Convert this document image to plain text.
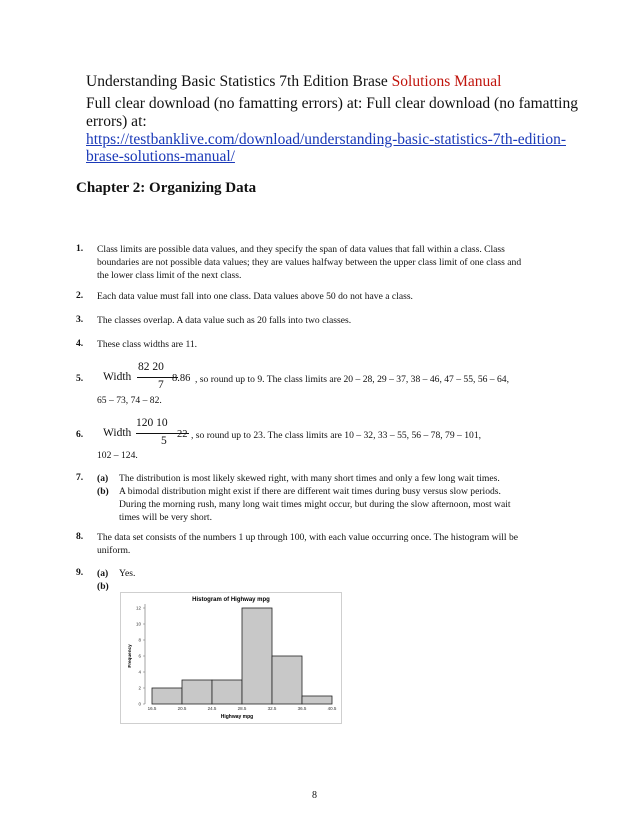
Understanding Basic Statistics 7th Edition Brase Solutions Manual
Full clear download (no famatting errors) at: Full clear download (no famatting
errors) at:
https://testbanklive.com/download/understanding-basic-statistics-7th-edition-
brase-solutions-manual/
Chapter 2: Organizing Data
1. Class limits are possible data values, and they specify the span of data values that fall within a class. Class
boundaries are not possible data values; they are values halfway between the upper class limit of one class and
the lower class limit of the next class.
2. Each data value must fall into one class. Data values above 50 do not have a class.
3. The classes overlap. A data value such as 20 falls into two classes.
4. These class widths are 11.
5. Width
82 20
7
8.86 , so round up to 9. The class limits are 20 – 28, 29 – 37, 38 – 46, 47 – 55, 56 – 64,
65 – 73, 74 – 82.
6. Width
120 10
5
22 , so round up to 23. The class limits are 10 – 32, 33 – 55, 56 – 78, 79 – 101,
102 – 124.
7. (a) The distribution is most likely skewed right, with many short times and only a few long wait times.
(b) A bimodal distribution might exist if there are different wait times during busy versus slow periods.
During the morning rush, many long wait times might occur, but during the slow afternoon, most wait
times will be very short.
8. The data set consists of the numbers 1 up through 100, with each value occurring once. The histogram will be
uniform.
9. (a) Yes.
(b)
Histogram of Highway mpg
Frequency
Highway mpg
0
2
4
6
8
10
12
16.5	20.5	24.5	28.5	32.5	36.5	40.5
8
